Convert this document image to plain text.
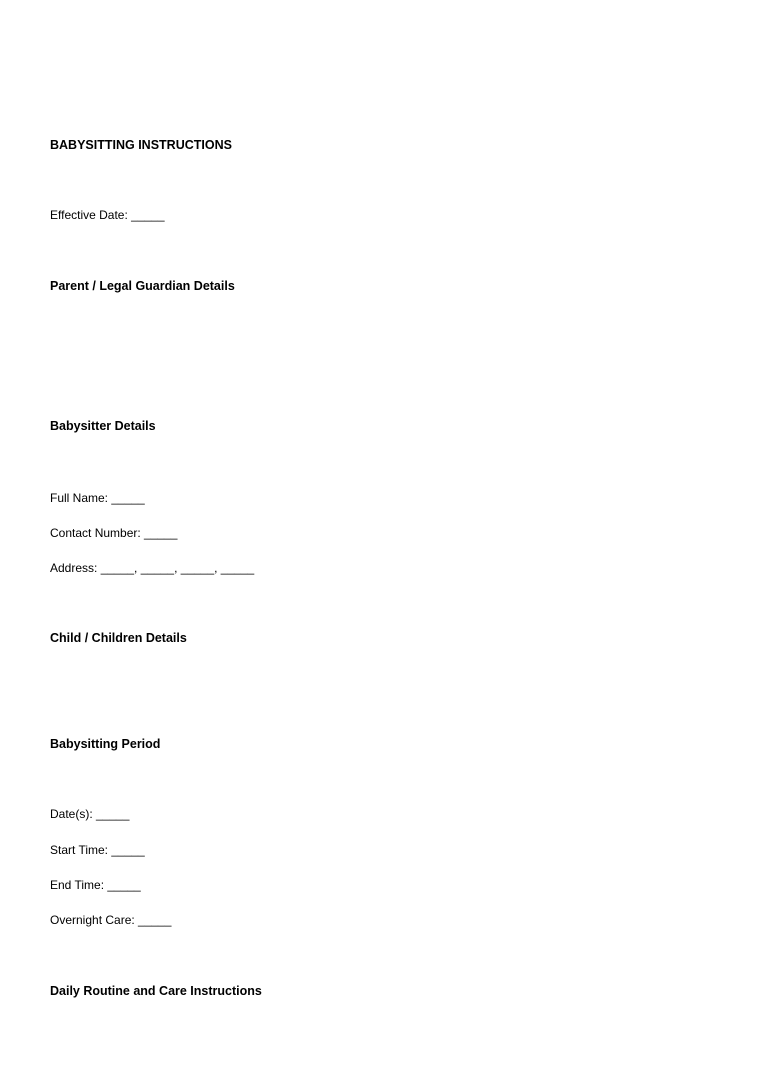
BABYSITTING INSTRUCTIONS
Effective Date: _____
Parent / Legal Guardian Details
Babysitter Details
Full Name: _____
Contact Number: _____
Address: _____, _____, _____, _____
Child / Children Details
Babysitting Period
Date(s): _____
Start Time: _____
End Time: _____
Overnight Care: _____
Daily Routine and Care Instructions
